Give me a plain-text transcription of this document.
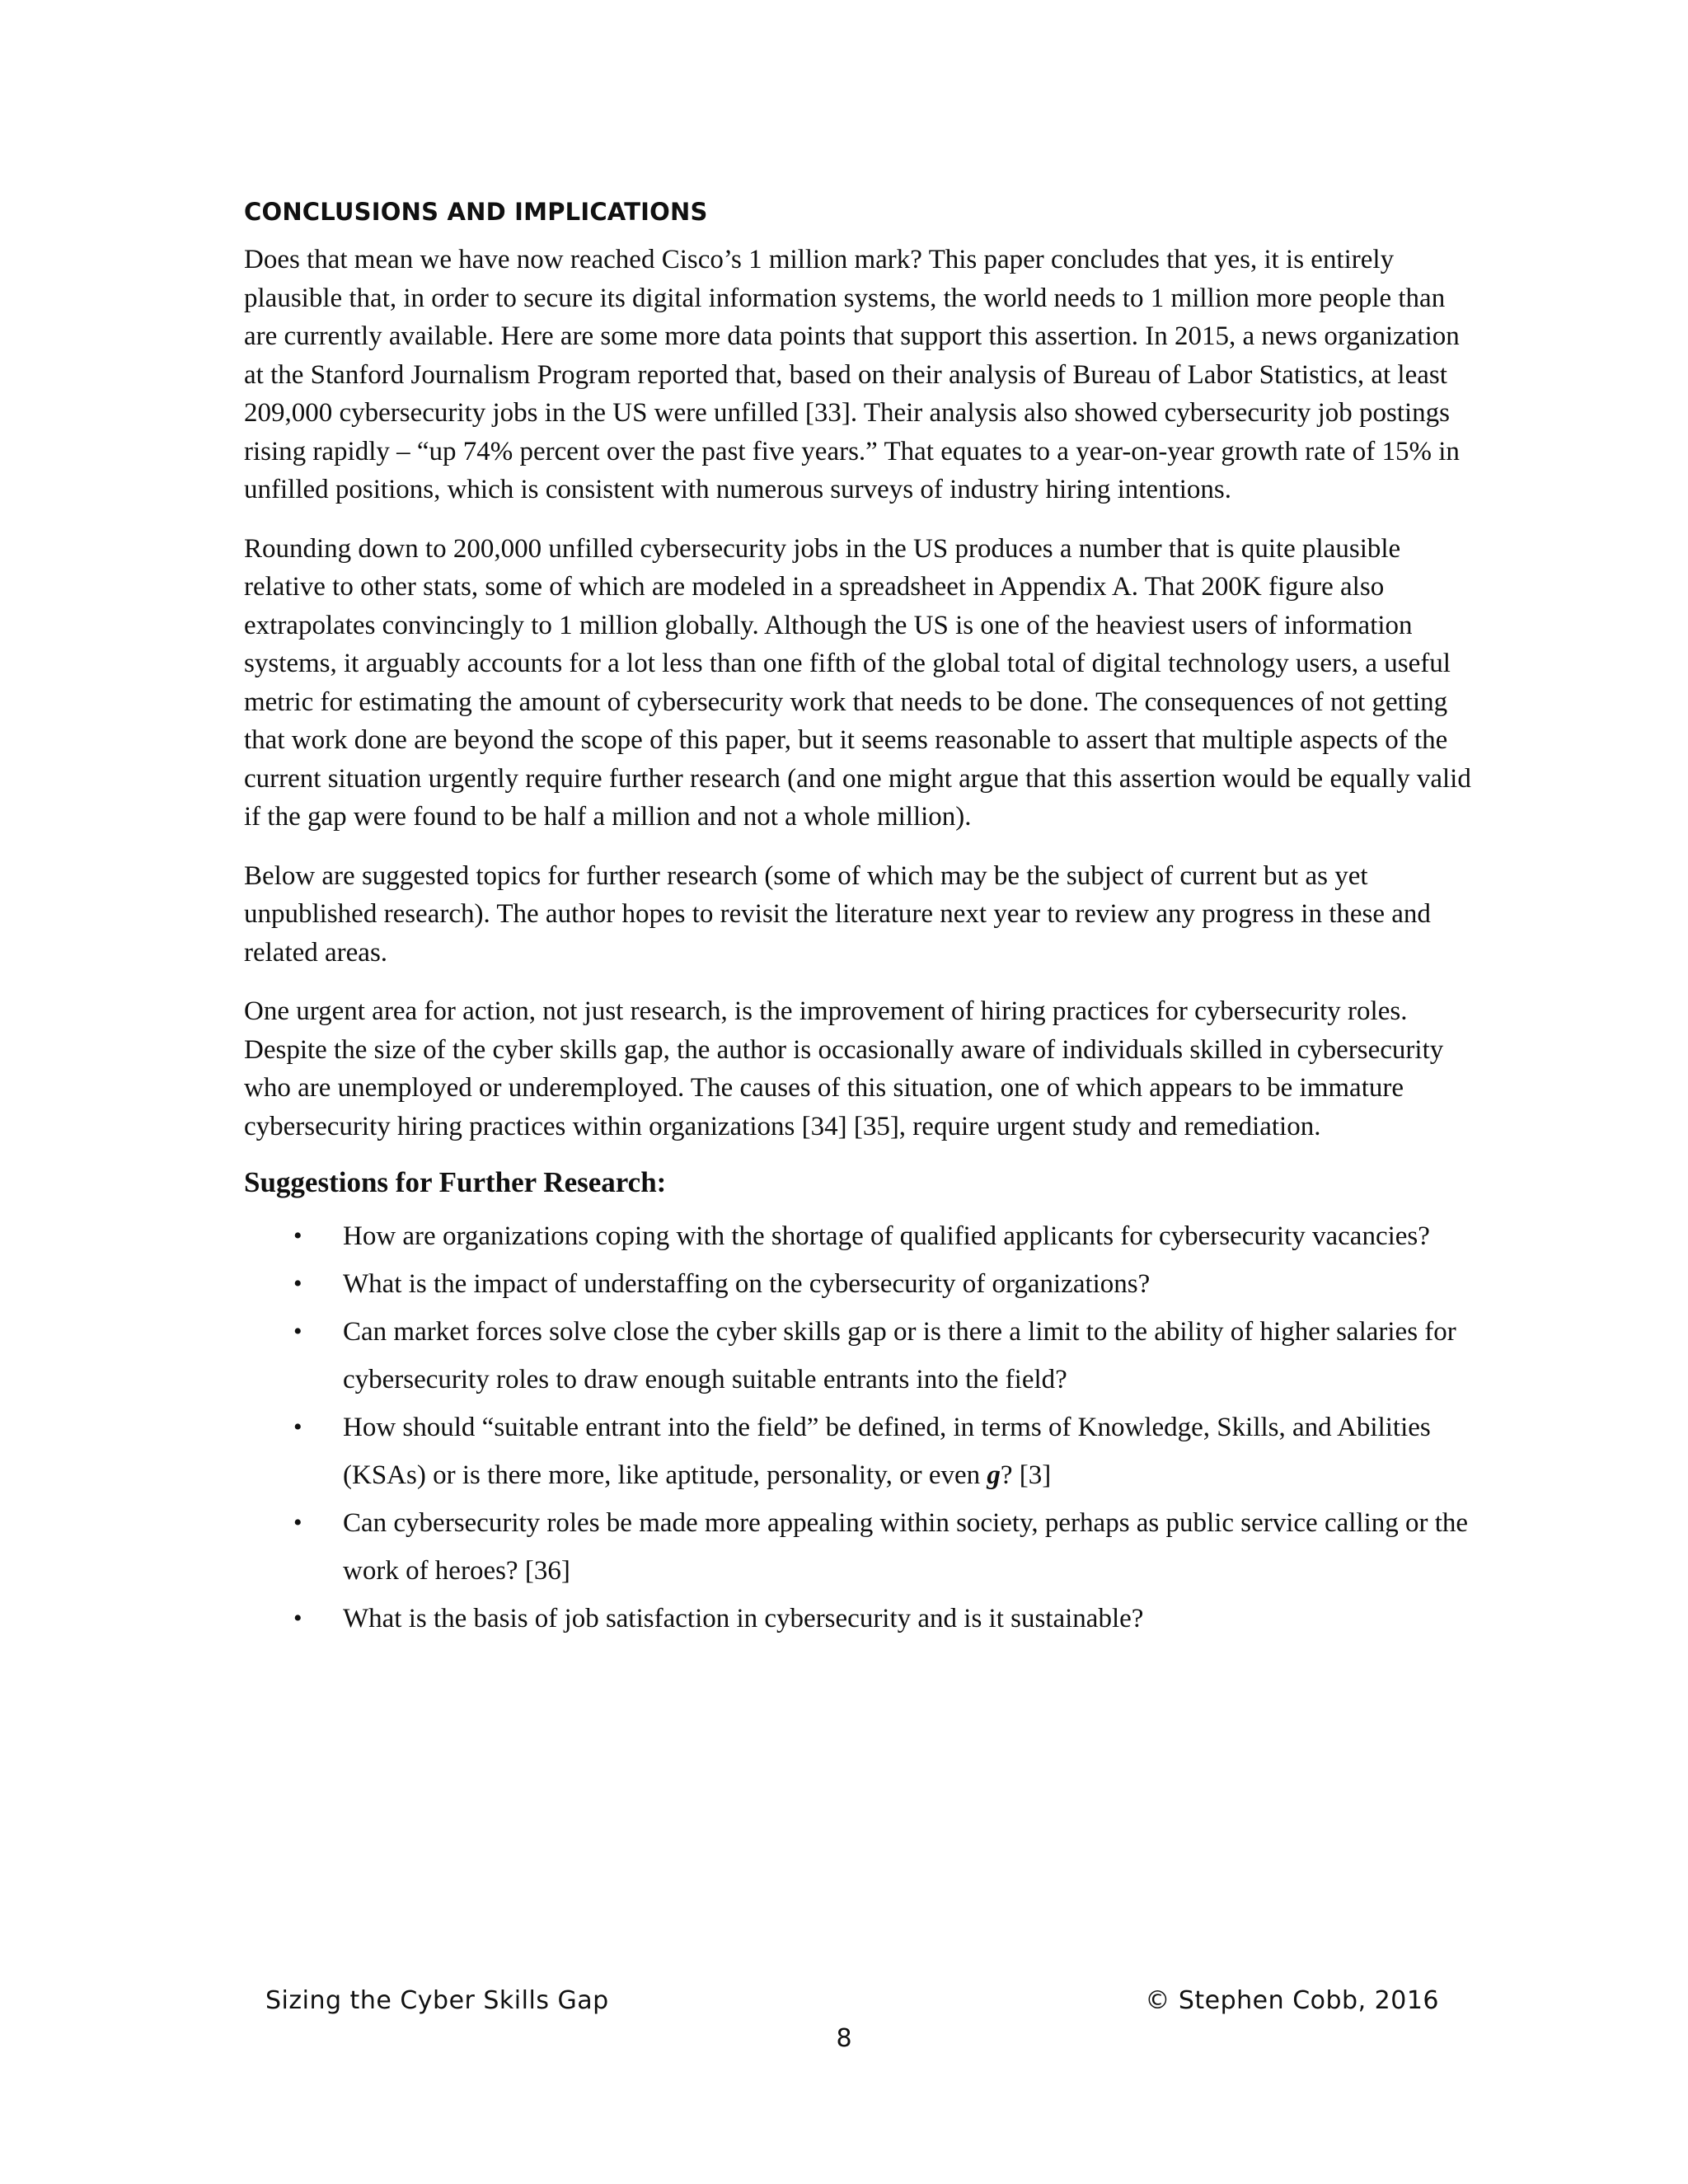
CONCLUSIONS AND IMPLICATIONS

Does that mean we have now reached Cisco’s 1 million mark? This paper concludes that yes, it is entirely plausible that, in order to secure its digital information systems, the world needs to 1 million more people than are currently available. Here are some more data points that support this assertion. In 2015, a news organization at the Stanford Journalism Program reported that, based on their analysis of Bureau of Labor Statistics, at least 209,000 cybersecurity jobs in the US were unfilled [33]. Their analysis also showed cybersecurity job postings rising rapidly – “up 74% percent over the past five years.” That equates to a year-on-year growth rate of 15% in unfilled positions, which is consistent with numerous surveys of industry hiring intentions.

Rounding down to 200,000 unfilled cybersecurity jobs in the US produces a number that is quite plausible relative to other stats, some of which are modeled in a spreadsheet in Appendix A. That 200K figure also extrapolates convincingly to 1 million globally. Although the US is one of the heaviest users of information systems, it arguably accounts for a lot less than one fifth of the global total of digital technology users, a useful metric for estimating the amount of cybersecurity work that needs to be done. The consequences of not getting that work done are beyond the scope of this paper, but it seems reasonable to assert that multiple aspects of the current situation urgently require further research (and one might argue that this assertion would be equally valid if the gap were found to be half a million and not a whole million).

Below are suggested topics for further research (some of which may be the subject of current but as yet unpublished research). The author hopes to revisit the literature next year to review any progress in these and related areas.

One urgent area for action, not just research, is the improvement of hiring practices for cybersecurity roles. Despite the size of the cyber skills gap, the author is occasionally aware of individuals skilled in cybersecurity who are unemployed or underemployed. The causes of this situation, one of which appears to be immature cybersecurity hiring practices within organizations [34] [35], require urgent study and remediation.

Suggestions for Further Research:
• How are organizations coping with the shortage of qualified applicants for cybersecurity vacancies?
• What is the impact of understaffing on the cybersecurity of organizations?
• Can market forces solve close the cyber skills gap or is there a limit to the ability of higher salaries for cybersecurity roles to draw enough suitable entrants into the field?
• How should “suitable entrant into the field” be defined, in terms of Knowledge, Skills, and Abilities (KSAs) or is there more, like aptitude, personality, or even g? [3]
• Can cybersecurity roles be made more appealing within society, perhaps as public service calling or the work of heroes? [36]
• What is the basis of job satisfaction in cybersecurity and is it sustainable?
Sizing the Cyber Skills Gap	© Stephen Cobb, 2016
8
